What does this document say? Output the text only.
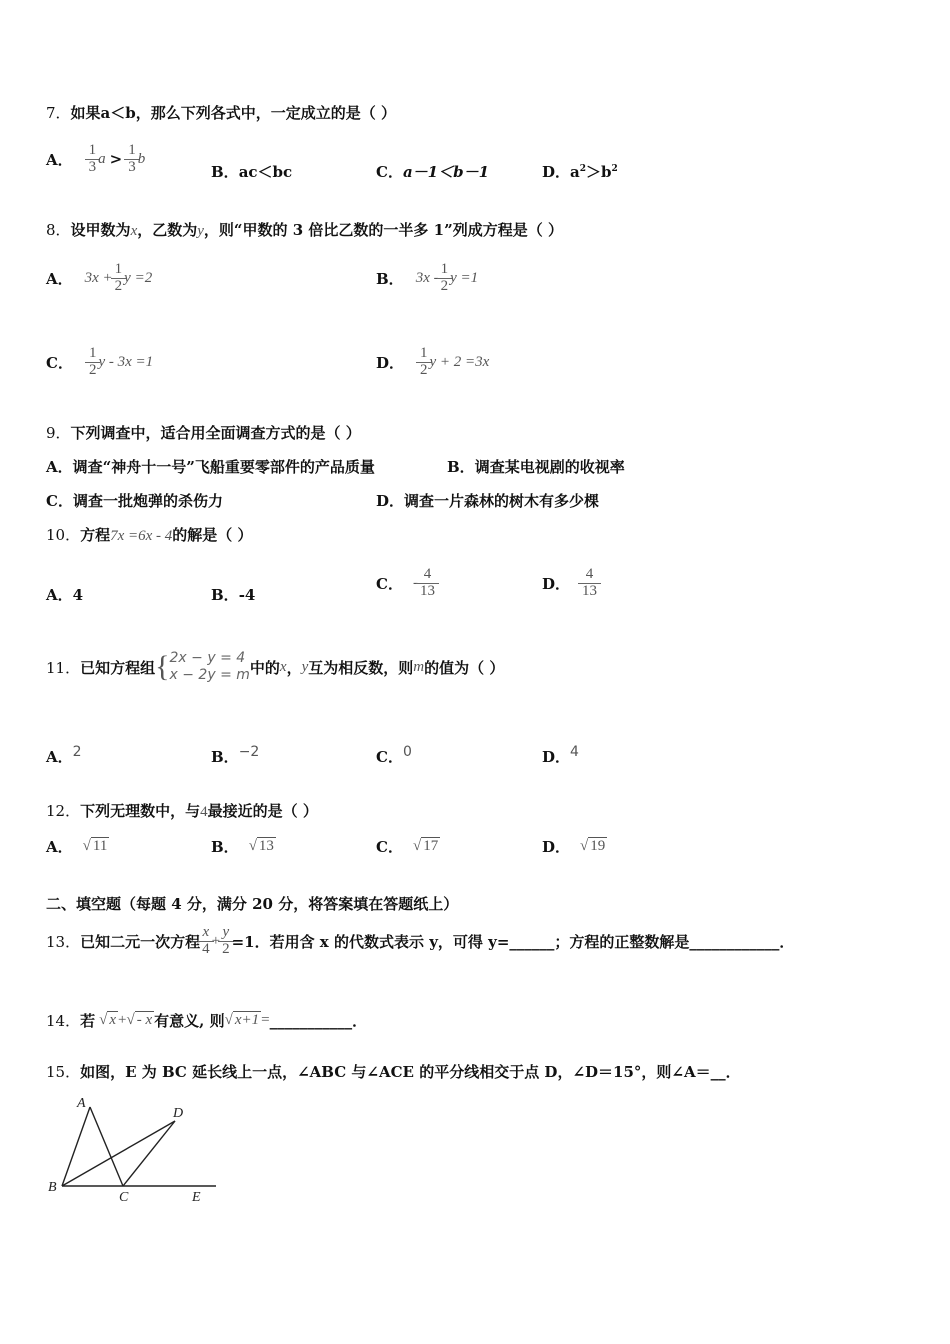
7．如果a＜b，那么下列各式中，一定成立的是（ ）
A． $\frac{1}{3}$ $a > \frac{1}{3}$ b
B．ac＜bc	C．a－1＜b－1	D．$a^2>b^2$
8．设甲数为x，乙数为y，则“甲数的 3 倍比乙数的一半多 1”列成方程是（ ）
A． $3x + \frac{1}{2}$ y =2	B． $3x - \frac{1}{2}$ y =1
C． $\frac{1}{2}$ y - 3x =1	D． $\frac{1}{2}$ y + 2 =3x
9．下列调查中，适合用全面调查方式的是（ ）
A．调查“神舟十一号”飞船重要零部件的产品质量	B．调查某电视剧的收视率
C．调查一批炮弹的杀伤力	D．调查一片森林的树木有多少棵
10．方程7x =6x - 4的解是（ ）
A．4	B．-4
C． - $\frac{4}{13}$	D． $\frac{4}{13}$
11． 已知方程组 { 2x − y = 4
x − 2y = m 中的 x ， y 互为相反数，则 m 的值为（ ）
A．$^2$	B．$^{-2}$	C．$^0$	D．$^4$
12．下列无理数中，与4最接近的是（ ）
A． √ 11	B． √ 13	C． √ 17	D． √ 19
二、填空题（每题 4 分，满分 20 分，将答案填在答题纸上）
13． 已知二元一次方程 $\frac{x}{4} + \frac{y}{2} =1$．若用含 x 的代数式表示 y，可得 y=______；方程的正整数解是____________．
14． 若 √ x + √ - x 有意义, 则 √ x+1 = ___________．
15．如图，E 为 BC 延长线上一点，∠ABC 与∠ACE 的平分线相交于点 D，∠D＝15°，则∠A＝__．
A
B
C
D
E
